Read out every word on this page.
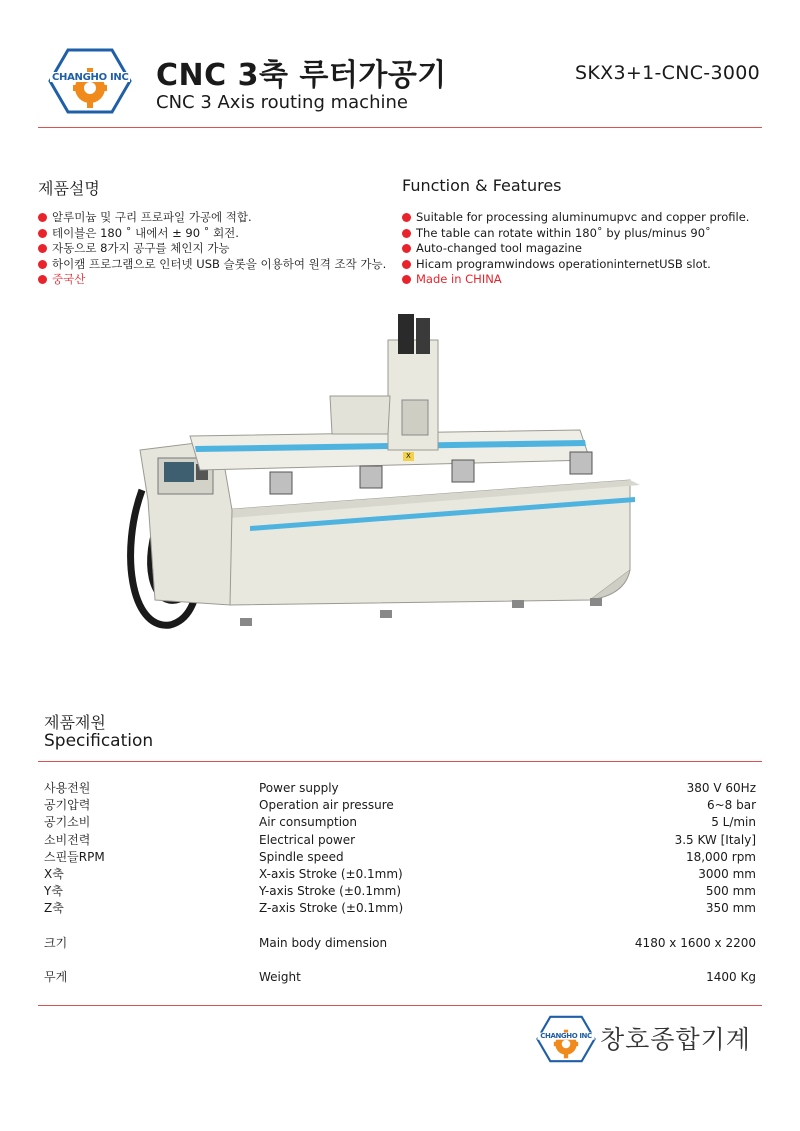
CHANGHO INC CNC 3축 루터가공기
CNC 3 Axis routing machine
SKX3+1-CNC-3000
제품설명
알루미늄 및 구리 프로파일 가공에 적합.
테이블은 180 ˚ 내에서 ± 90 ˚ 회전.
자동으로 8가지 공구를 체인지 가능
하이캠 프로그램으로 인터넷 USB 슬롯을 이용하여 원격 조작 가능.
중국산
Function & Features
Suitable for processing aluminumupvc and copper profile.
The table can rotate within 180˚ by plus/minus 90˚
Auto-changed tool magazine
Hicam programwindows operationinternetUSB slot.
Made in CHINA
X
제품제원
Specification
사용전원	Power supply	380 V 60Hz
공기압력	Operation air pressure	6~8 bar
공기소비	Air consumption	5 L/min
소비전력	Electrical power	3.5 KW [Italy]
스핀들RPM	Spindle speed	18,000 rpm
X축	X-axis Stroke (±0.1mm)	3000 mm
Y축	Y-axis Stroke (±0.1mm)	500 mm
Z축	Z-axis Stroke (±0.1mm)	350 mm
크기	Main body dimension	4180 x 1600 x 2200
무게	Weight	1400 Kg
CHANGHO INC 창호종합기계
